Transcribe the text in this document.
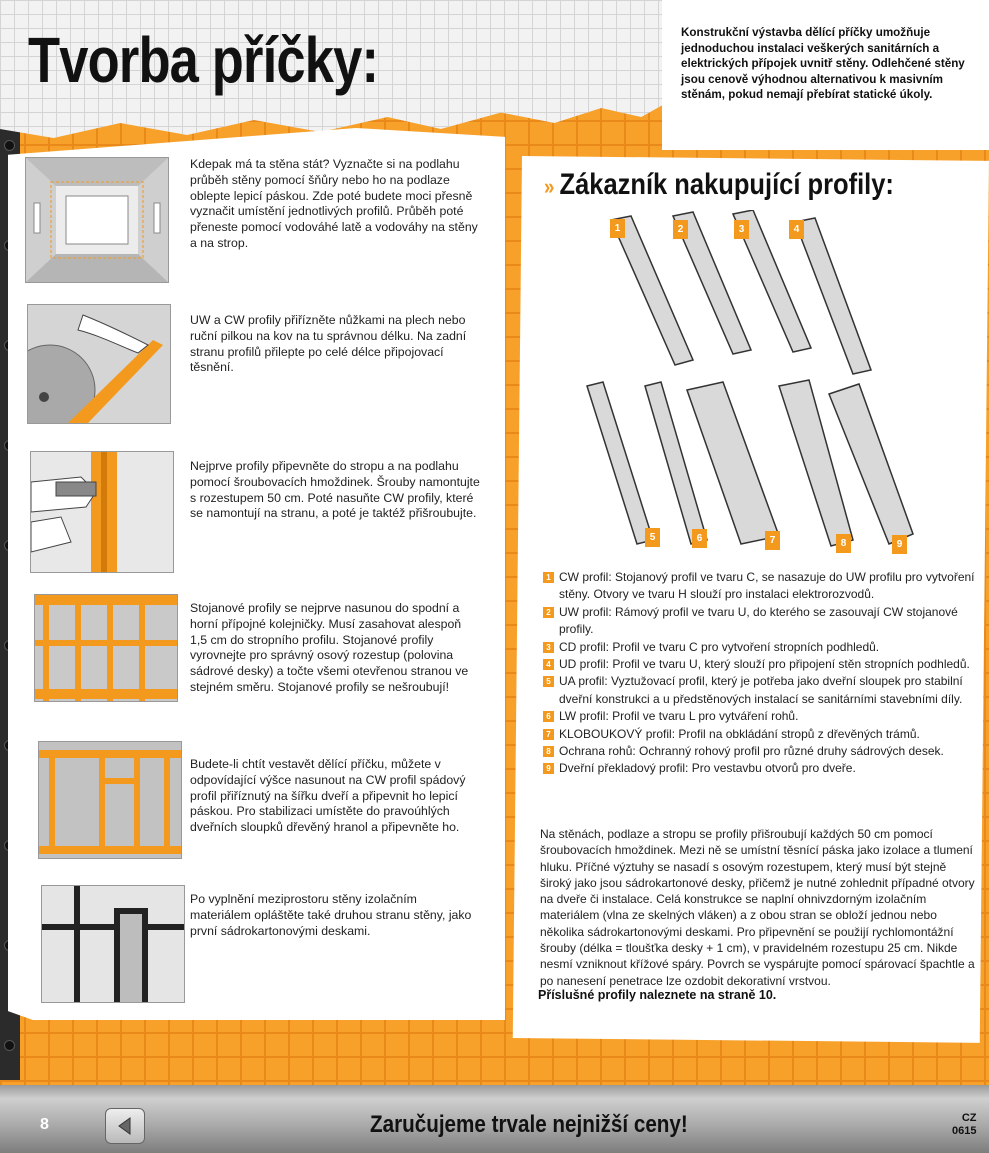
Tvorba příčky:	Konstrukční výstavba dělící příčky umožňuje jednoduchou instalaci veškerých sanitárních a elektrických přípojek uvnitř stěny. Odlehčené stěny jsou cenově výhodnou alternativou k masivním stěnám, pokud nemají přebírat statické úkoly.
Kdepak má ta stěna stát? Vyznačte si na podlahu průběh stěny pomocí šňůry nebo ho na podlaze oblepte lepicí páskou. Zde poté budete moci přesně vyznačit umístění jednotlivých profilů. Průběh poté přeneste pomocí vodováhé latě a vodováhy na stěny a na strop.
UW a CW profily přiřízněte nůžkami na plech nebo ruční pilkou na kov na tu správnou délku. Na zadní stranu profilů přilepte po celé délce připojovací těsnění.
Nejprve profily připevněte do stropu a na podlahu pomocí šroubovacích hmoždinek. Šrouby namontujte s rozestupem 50 cm. Poté nasuňte CW profily, které se namontují na stranu, a poté je taktéž přišroubujte.
Stojanové profily se nejprve nasunou do spodní a horní přípojné kolejničky. Musí zasahovat alespoň 1,5 cm do stropního profilu. Stojanové profily vyrovnejte pro správný osový rozestup (polovina sádrové desky) a točte všemi otevřenou stranou ve stejném směru. Stojanové profily se nešroubují!
Budete-li chtít vestavět dělící příčku, můžete v odpovídající výšce nasunout na CW profil spádový profil přiříznutý na šířku dveří a připevnit ho lepicí páskou. Pro stabilizaci umístěte do pravoúhlých dveřních sloupků dřevěný hranol a připevněte ho.
Po vyplnění meziprostoru stěny izolačním materiálem opláštěte také druhou stranu stěny, jako první sádrokartonovými deskami.
» Zákazník nakupující profily:
1	2	3	4
5	6	7	8	9
1 CW profil: Stojanový profil ve tvaru C, se nasazuje do UW profilu pro vytvoření stěny. Otvory ve tvaru H slouží pro instalaci elektrorozvodů.
2 UW profil: Rámový profil ve tvaru U, do kterého se zasouvají CW stojanové profily.
3 CD profil: Profil ve tvaru C pro vytvoření stropních podhledů.
4 UD profil: Profil ve tvaru U, který slouží pro připojení stěn stropních podhledů.
5 UA profil: Vyztužovací profil, který je potřeba jako dveřní sloupek pro stabilní dveřní konstrukci a u předstěnových instalací se sanitárními stavebními díly.
6 LW profil: Profil ve tvaru L pro vytváření rohů.
7 KLOBOUKOVÝ profil: Profil na obkládání stropů z dřevěných trámů.
8 Ochrana rohů: Ochranný rohový profil pro různé druhy sádrových desek.
9 Dveřní překladový profil: Pro vestavbu otvorů pro dveře.
Na stěnách, podlaze a stropu se profily přišroubují každých 50 cm pomocí šroubovacích hmoždinek. Mezi ně se umístní těsnící páska jako izolace a tlumení hluku. Příčné výztuhy se nasadí s osovým rozestupem, který musí být stejně široký jako jsou sádrokartonové desky, přičemž je nutné zohlednit případné otvory na dveře či instalace. Celá konstrukce se naplní ohnivzdorným izolačním materiálem (vlna ze skelných vláken) a z obou stran se obloží jednou nebo několika sádrokartonovými deskami. Pro připevnění se použijí rychlomontážní šrouby (délka = tloušťka desky + 1 cm), v pravidelném rozestupu 25 cm. Nikde nesmí vzniknout křížové spáry. Povrch se vyspárujte pomocí spárovací špachtle a po nanesení penetrace lze ozdobit dekorativní vrstvou.
Příslušné profily naleznete na straně 10.
8	Zaručujeme trvale nejnižší ceny!	CZ
0615
